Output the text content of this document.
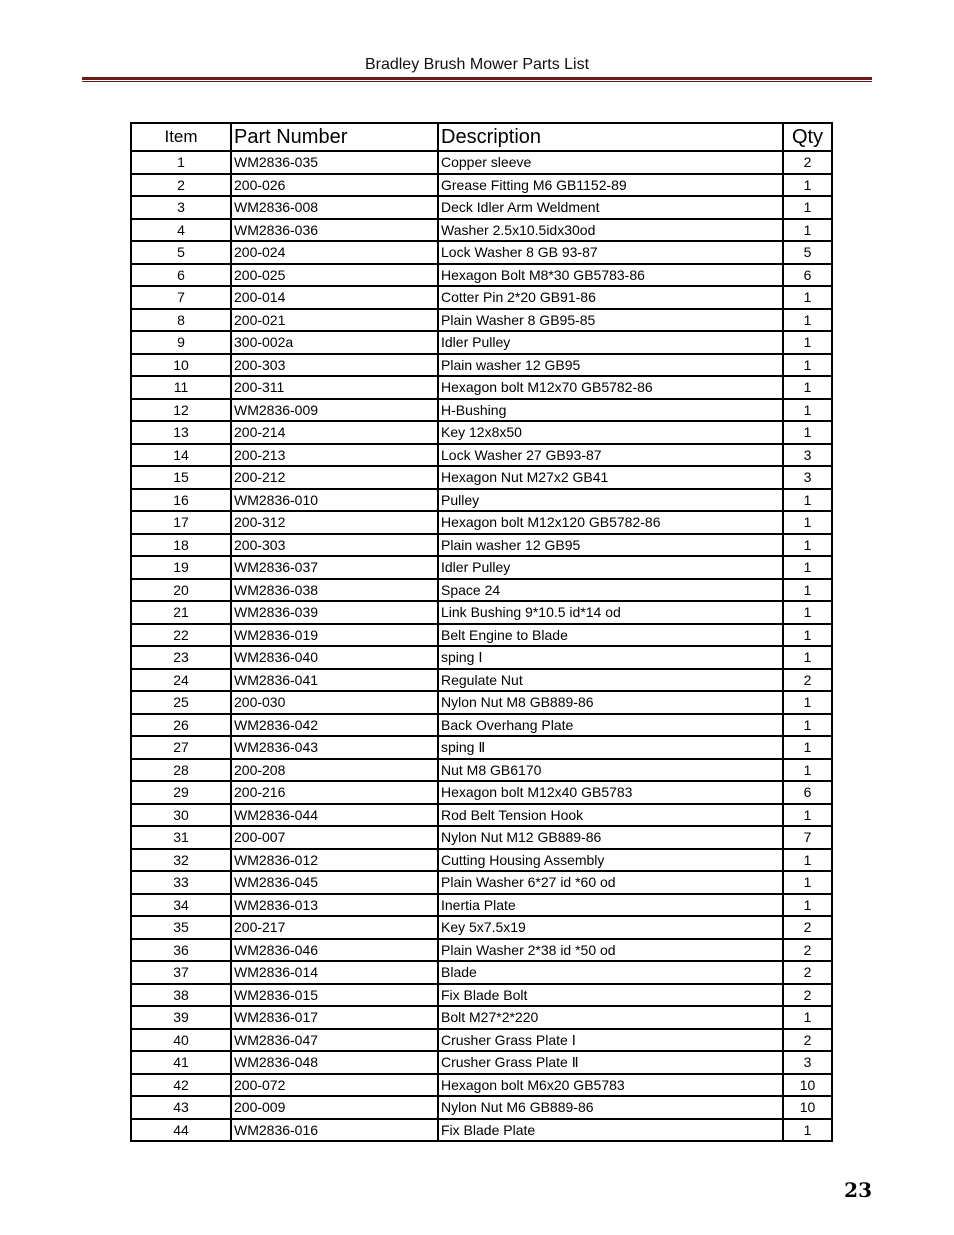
Bradley Brush Mower Parts List
Item	Part Number	Description	Qty
1	WM2836-035	Copper sleeve	2
2	200-026	Grease Fitting M6 GB1152-89	1
3	WM2836-008	Deck Idler Arm Weldment	1
4	WM2836-036	Washer 2.5x10.5idx30od	1
5	200-024	Lock Washer 8 GB 93-87	5
6	200-025	Hexagon Bolt M8*30 GB5783-86	6
7	200-014	Cotter Pin 2*20 GB91-86	1
8	200-021	Plain Washer 8 GB95-85	1
9	300-002a	Idler Pulley	1
10	200-303	Plain washer 12 GB95	1
11	200-311	Hexagon bolt M12x70 GB5782-86	1
12	WM2836-009	H-Bushing	1
13	200-214	Key 12x8x50	1
14	200-213	Lock Washer 27 GB93-87	3
15	200-212	Hexagon Nut M27x2 GB41	3
16	WM2836-010	Pulley	1
17	200-312	Hexagon bolt M12x120 GB5782-86	1
18	200-303	Plain washer 12 GB95	1
19	WM2836-037	Idler Pulley	1
20	WM2836-038	Space 24	1
21	WM2836-039	Link Bushing 9*10.5 id*14 od	1
22	WM2836-019	Belt Engine to Blade	1
23	WM2836-040	sping Ⅰ	1
24	WM2836-041	Regulate Nut	2
25	200-030	Nylon Nut M8 GB889-86	1
26	WM2836-042	Back Overhang Plate	1
27	WM2836-043	sping Ⅱ	1
28	200-208	Nut M8 GB6170	1
29	200-216	Hexagon bolt M12x40 GB5783	6
30	WM2836-044	Rod Belt Tension Hook	1
31	200-007	Nylon Nut M12 GB889-86	7
32	WM2836-012	Cutting Housing Assembly	1
33	WM2836-045	Plain Washer 6*27 id *60 od	1
34	WM2836-013	Inertia Plate	1
35	200-217	Key 5x7.5x19	2
36	WM2836-046	Plain Washer 2*38 id *50 od	2
37	WM2836-014	Blade	2
38	WM2836-015	Fix Blade Bolt	2
39	WM2836-017	Bolt M27*2*220	1
40	WM2836-047	Crusher Grass Plate Ⅰ	2
41	WM2836-048	Crusher Grass Plate Ⅱ	3
42	200-072	Hexagon bolt M6x20 GB5783	10
43	200-009	Nylon Nut M6 GB889-86	10
44	WM2836-016	Fix Blade Plate	1
23
